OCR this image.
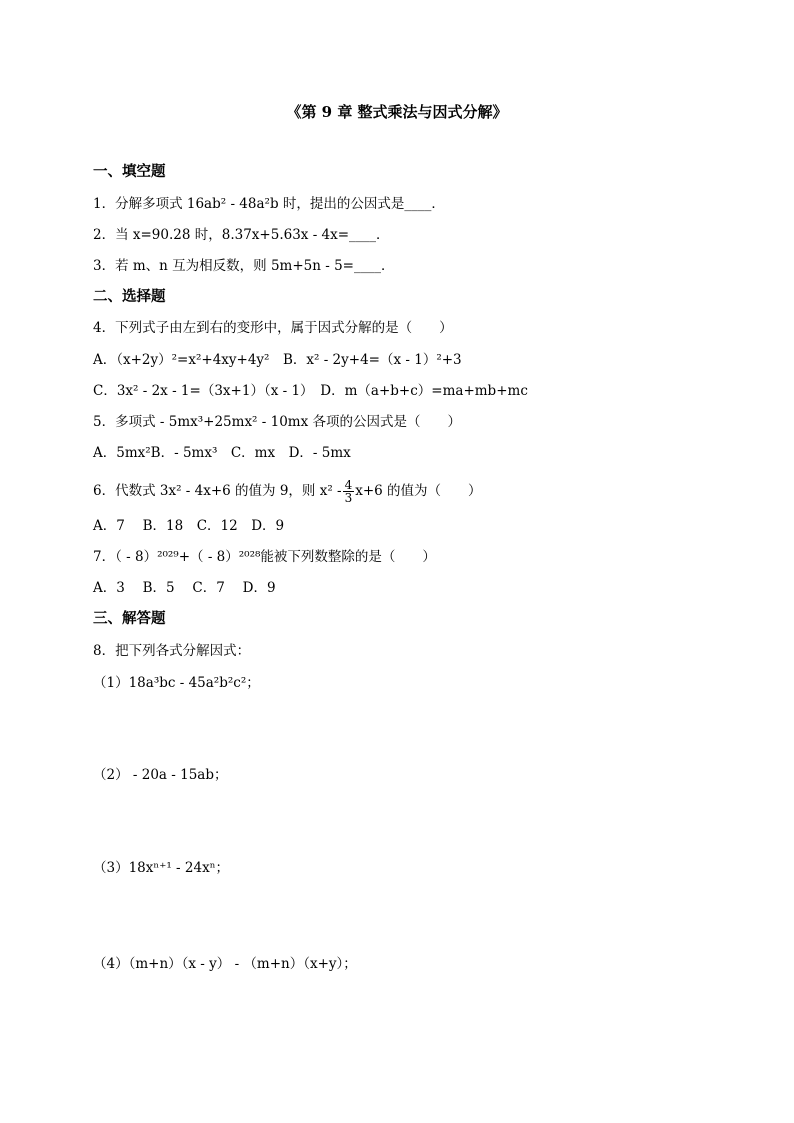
《第 9 章 整式乘法与因式分解》
一、填空题
1．分解多项式 16ab² - 48a²b 时，提出的公因式是____．
2．当 x=90.28 时，8.37x+5.63x - 4x=____．
3．若 m、n 互为相反数，则 5m+5n - 5=____．
二、选择题
4．下列式子由左到右的变形中，属于因式分解的是（　　）
A．（x+2y）²=x²+4xy+4y²　B．x² - 2y+4=（x - 1）²+3
C．3x² - 2x - 1=（3x+1）（x - 1）　D．m（a+b+c）=ma+mb+mc
5．多项式 - 5mx³+25mx² - 10mx 各项的公因式是（　　）
A．5mx²B．- 5mx³　C．mx　D．- 5mx
6．代数式 3x² - 4x+6 的值为 9，则 $x^2 - \frac{4}{3} x+6$ 的值为（　　）
A．7　 B．18　C．12　D．9
7．（ - 8）²⁰²⁹+（ - 8）²⁰²⁸能被下列数整除的是（　　）
A．3　 B．5　 C．7　 D．9
三、解答题
8．把下列各式分解因式：
（1）18a³bc - 45a²b²c²；
（2） - 20a - 15ab；
（3）18xⁿ⁺¹ - 24xⁿ；
（4）（m+n）（x - y） - （m+n）（x+y）；
